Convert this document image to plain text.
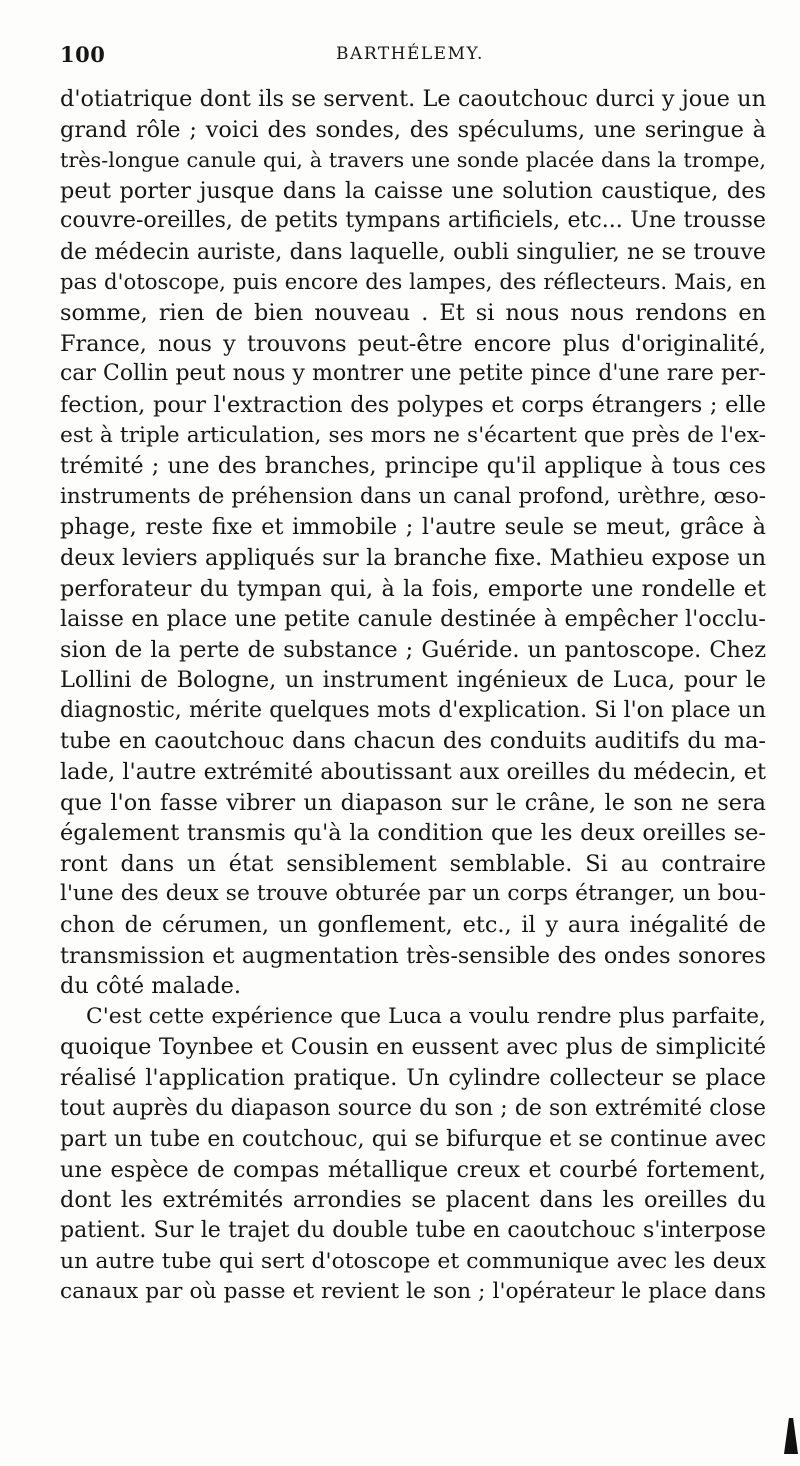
100	BARTHÉLEMY.
d'otiatrique dont ils se servent. Le caoutchouc durci y joue un
grand rôle ; voici des sondes, des spéculums, une seringue à
très-longue canule qui, à travers une sonde placée dans la trompe,
peut porter jusque dans la caisse une solution caustique, des
couvre-oreilles, de petits tympans artificiels, etc... Une trousse
de médecin auriste, dans laquelle, oubli singulier, ne se trouve
pas d'otoscope, puis encore des lampes, des réflecteurs. Mais, en
somme, rien de bien nouveau . Et si nous nous rendons en
France, nous y trouvons peut-être encore plus d'originalité,
car Collin peut nous y montrer une petite pince d'une rare per-
fection, pour l'extraction des polypes et corps étrangers ; elle
est à triple articulation, ses mors ne s'écartent que près de l'ex-
trémité ; une des branches, principe qu'il applique à tous ces
instruments de préhension dans un canal profond, urèthre, œso-
phage, reste fixe et immobile ; l'autre seule se meut, grâce à
deux leviers appliqués sur la branche fixe. Mathieu expose un
perforateur du tympan qui, à la fois, emporte une rondelle et
laisse en place une petite canule destinée à empêcher l'occlu-
sion de la perte de substance ; Guéride. un pantoscope. Chez
Lollini de Bologne, un instrument ingénieux de Luca, pour le
diagnostic, mérite quelques mots d'explication. Si l'on place un
tube en caoutchouc dans chacun des conduits auditifs du ma-
lade, l'autre extrémité aboutissant aux oreilles du médecin, et
que l'on fasse vibrer un diapason sur le crâne, le son ne sera
également transmis qu'à la condition que les deux oreilles se-
ront dans un état sensiblement semblable. Si au contraire
l'une des deux se trouve obturée par un corps étranger, un bou-
chon de cérumen, un gonflement, etc., il y aura inégalité de
transmission et augmentation très-sensible des ondes sonores
du côté malade.
C'est cette expérience que Luca a voulu rendre plus parfaite,
quoique Toynbee et Cousin en eussent avec plus de simplicité
réalisé l'application pratique. Un cylindre collecteur se place
tout auprès du diapason source du son ; de son extrémité close
part un tube en coutchouc, qui se bifurque et se continue avec
une espèce de compas métallique creux et courbé fortement,
dont les extrémités arrondies se placent dans les oreilles du
patient. Sur le trajet du double tube en caoutchouc s'interpose
un autre tube qui sert d'otoscope et communique avec les deux
canaux par où passe et revient le son ; l'opérateur le place dans
